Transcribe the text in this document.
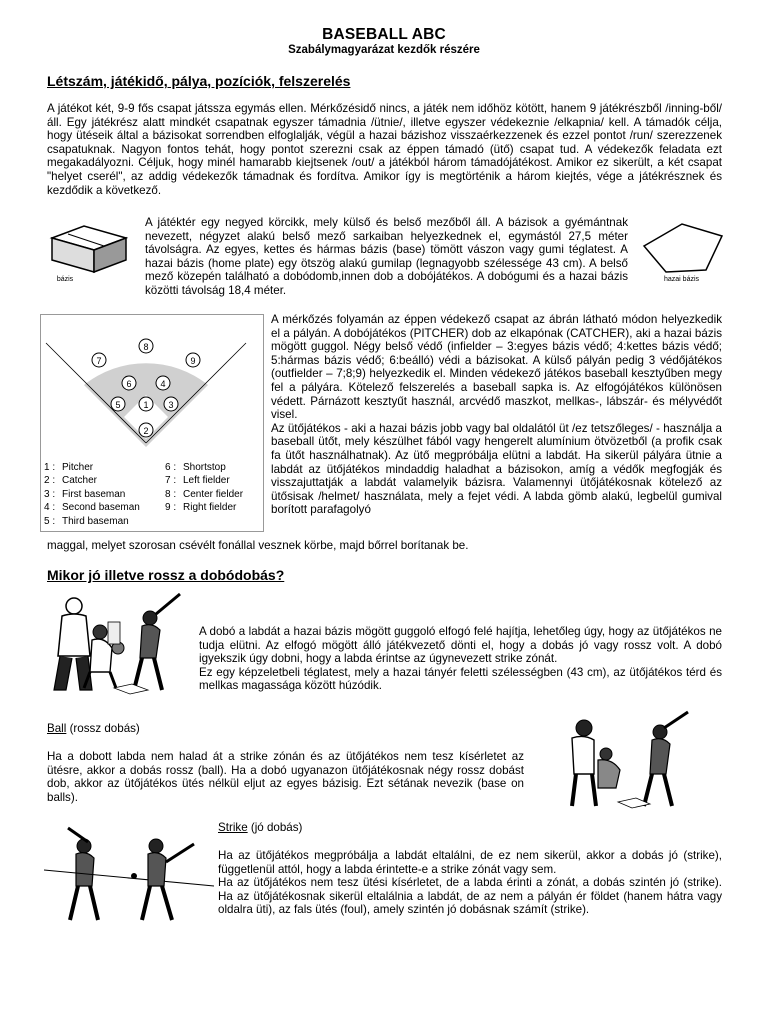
BASEBALL ABC
Szabálymagyarázat kezdők részére
Létszám, játékidő, pálya, pozíciók, felszerelés

A játékot két, 9-9 fős csapat játssza egymás ellen. Mérkőzésidő nincs, a játék nem időhöz kötött, hanem 9 játékrészből /inning-ből/ áll. Egy játékrész alatt mindkét csapatnak egyszer támadnia /ütnie/, illetve egyszer védekeznie /elkapnia/ kell. A támadók célja, hogy ütéseik által a bázisokat sorrendben elfoglalják, végül a hazai bázishoz visszaérkezzenek és ezzel pontot /run/ szerezzenek csapatuknak. Nagyon fontos tehát, hogy pontot szerezni csak az éppen támadó (ütő) csapat tud. A védekezők feladata ezt megakadályozni. Céljuk, hogy minél hamarabb kiejtsenek /out/ a játékból három támadójátékost. Amikor ez sikerült, a két csapat "helyet cserél", az addig védekezők támadnak és fordítva. Amikor így is megtörténik a három kiejtés, vége a játékrésznek és kezdődik a következő.

bázis	hazai bázis

A játéktér egy negyed körcikk, mely külső és belső mezőből áll. A bázisok a gyémántnak nevezett, négyzet alakú belső mező sarkaiban helyezkednek el, egymástól 27,5 méter távolságra. Az egyes, kettes és hármas bázis (base) tömött vászon vagy gumi téglatest. A hazai bázis (home plate) egy ötszög alakú gumilap (legnagyobb szélessége 43 cm). A belső mező közepén található a dobódomb,innen dob a dobójátékos. A dobógumi és a hazai bázis közötti távolság 18,4 méter.

1
2
3
4
5
6
7
8
9
1 : Pitcher
2 : Catcher
3 : First baseman
4 : Second baseman
5 : Third baseman
6 : Shortstop
7 : Left fielder
8 : Center fielder
9 : Right fielder

A mérkőzés folyamán az éppen védekező csapat az ábrán látható módon helyezkedik el a pályán. A dobójátékos (PITCHER) dob az elkapónak (CATCHER), aki a hazai bázis mögött guggol. Négy belső védő (infielder – 3:egyes bázis védő; 4:kettes bázis védő; 5:hármas bázis védő; 6:beálló) védi a bázisokat. A külső pályán pedig 3 védőjátékos (outfielder – 7;8;9) helyezkedik el. Minden védekező játékos baseball kesztyűben megy fel a pályára. Kötelező felszerelés a baseball sapka is. Az elfogójátékos különösen védett. Párnázott kesztyűt használ, arcvédő maszkot, mellkas-, lábszár- és mélyvédőt visel.

Az ütőjátékos - aki a hazai bázis jobb vagy bal oldalától üt /ez tetszőleges/ - használja a baseball ütőt, mely készülhet fából vagy hengerelt alumínium ötvözetből (a profik csak fa ütőt használhatnak). Az ütő megpróbálja elütni a labdát. Ha sikerül pályára ütnie a labdát az ütőjátékos mindaddig haladhat a bázisokon, amíg a védők megfogják és visszajuttatják a labdát valamelyik bázisra. Valamennyi ütőjátékosnak kötelező az ütősisak /helmet/ használata, mely a fejet védi. A labda gömb alakú, legbelül gumival borított parafagolyó

maggal, melyet szorosan csévélt fonállal vesznek körbe, majd bőrrel borítanak be.

Mikor jó illetve rossz a dobódobás?

A dobó a labdát a hazai bázis mögött guggoló elfogó felé hajítja, lehetőleg úgy, hogy az ütőjátékos ne tudja elütni. Az elfogó mögött álló játékvezető dönti el, hogy a dobás jó vagy rossz volt. A dobó igyekszik úgy dobni, hogy a labda érintse az úgynevezett strike zónát.

Ez egy képzeletbeli téglatest, mely a hazai tányér feletti szélességben (43 cm), az ütőjátékos térd és mellkas magassága között húzódik.

Ball (rossz dobás)

Ha a dobott labda nem halad át a strike zónán és az ütőjátékos nem tesz kísérletet az ütésre, akkor a dobás rossz (ball). Ha a dobó ugyanazon ütőjátékosnak négy rossz dobást dob, akkor az ütőjátékos ütés nélkül eljut az egyes bázisig. Ezt sétának nevezik (base on balls).

Strike (jó dobás)

Ha az ütőjátékos megpróbálja a labdát eltalálni, de ez nem sikerül, akkor a dobás jó (strike), függetlenül attól, hogy a labda érintette-e a strike zónát vagy sem.

Ha az ütőjátékos nem tesz ütési kísérletet, de a labda érinti a zónát, a dobás szintén jó (strike). Ha az ütőjátékosnak sikerül eltalálnia a labdát, de az nem a pályán ér földet (hanem hátra vagy oldalra üti), az fals ütés (foul), amely szintén jó dobásnak számít (strike).
